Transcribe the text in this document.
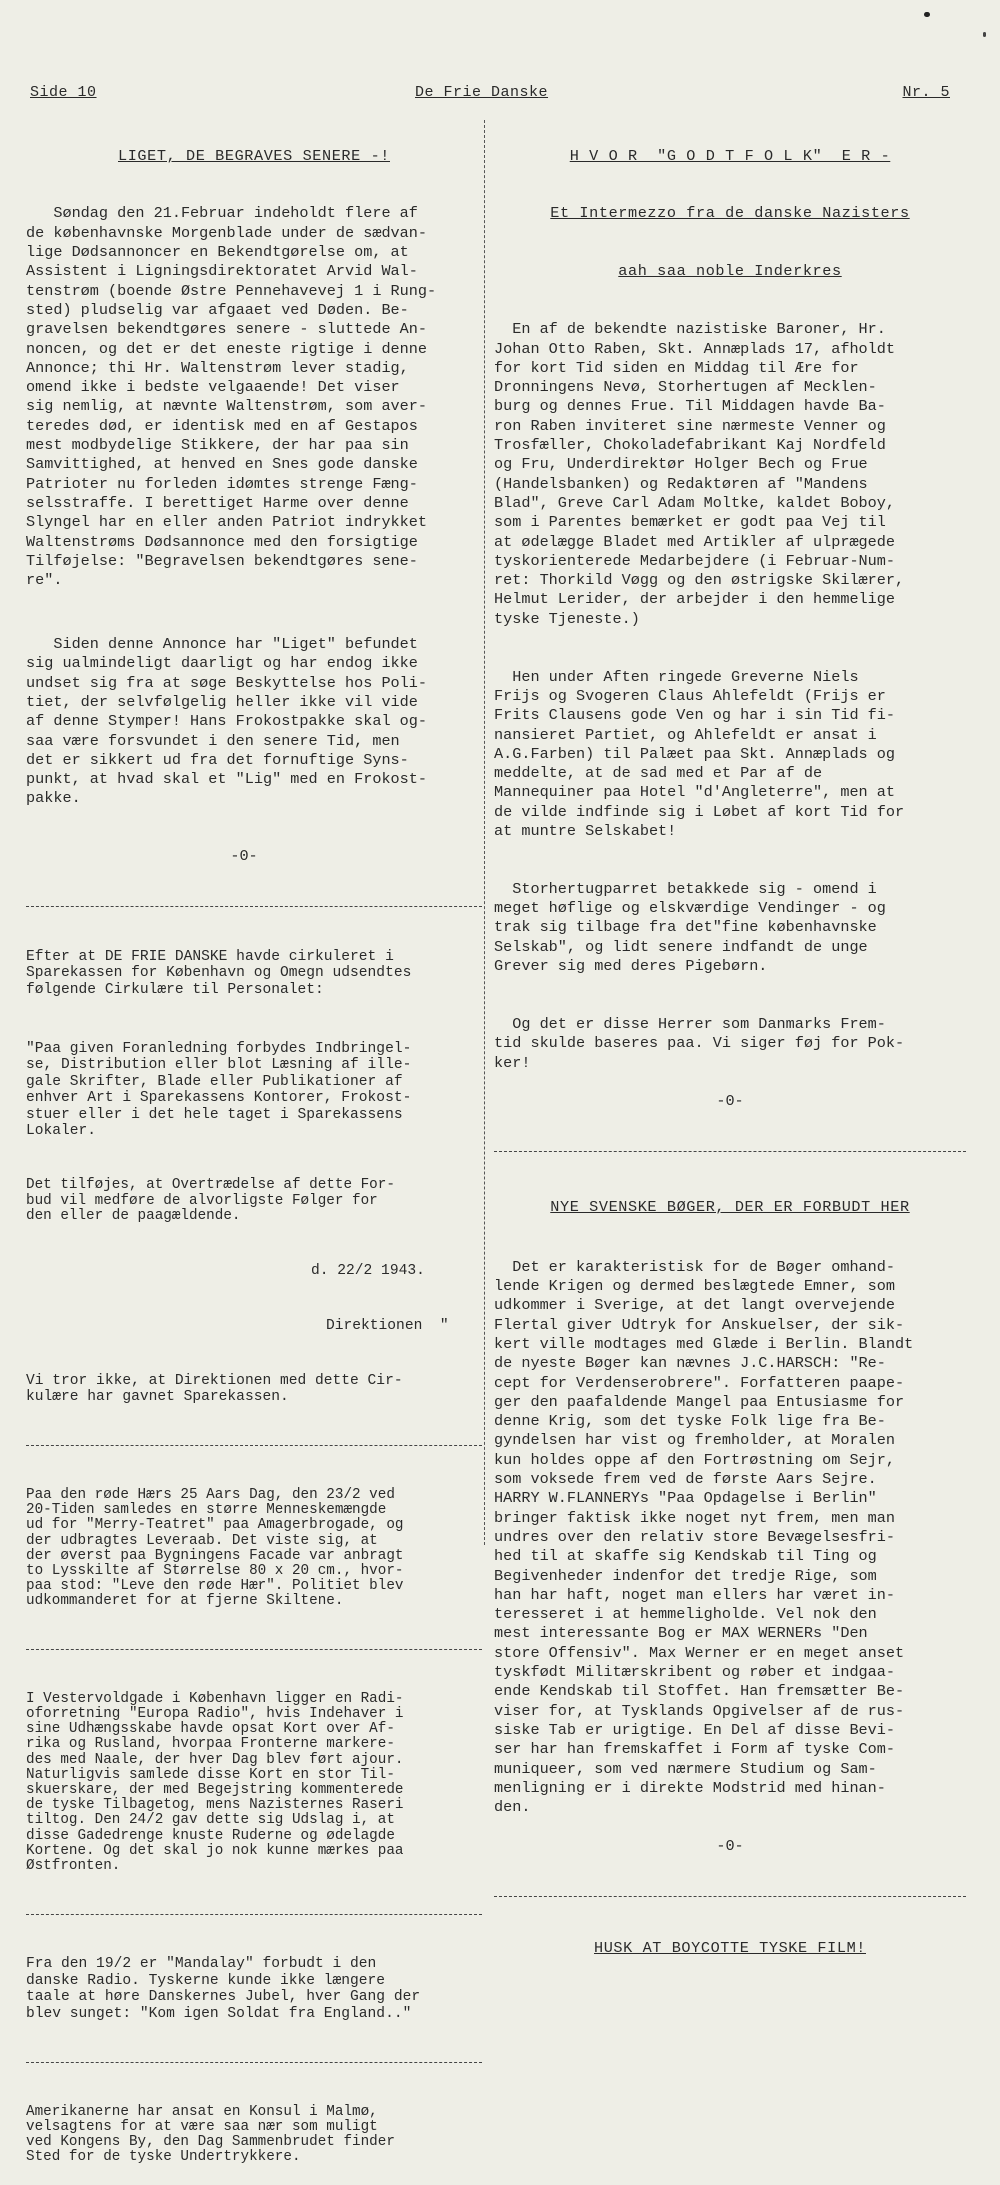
Side 10	De Frie Danske	Nr. 5

LIGET, DE BEGRAVES SENERE -!

Søndag den 21.Februar indeholdt flere af
de københavnske Morgenblade under de sædvan-
lige Dødsannoncer en Bekendtgørelse om, at
Assistent i Ligningsdirektoratet Arvid Wal-
tenstrøm (boende Østre Pennehavevej 1 i Rung-
sted) pludselig var afgaaet ved Døden. Be-
gravelsen bekendtgøres senere - sluttede An-
noncen, og det er det eneste rigtige i denne
Annonce; thi Hr. Waltenstrøm lever stadig,
omend ikke i bedste velgaaende! Det viser
sig nemlig, at nævnte Waltenstrøm, som aver-
teredes død, er identisk med en af Gestapos
mest modbydelige Stikkere, der har paa sin
Samvittighed, at henved en Snes gode danske
Patrioter nu forleden idømtes strenge Fæng-
selsstraffe. I berettiget Harme over denne
Slyngel har en eller anden Patriot indrykket
Waltenstrøms Dødsannonce med den forsigtige
Tilføjelse: "Begravelsen bekendtgøres sene-
re".

Siden denne Annonce har "Liget" befundet
sig ualmindeligt daarligt og har endog ikke
undset sig fra at søge Beskyttelse hos Poli-
tiet, der selvfølgelig heller ikke vil vide
af denne Stymper! Hans Frokostpakke skal og-
saa være forsvundet i den senere Tid, men
det er sikkert ud fra det fornuftige Syns-
punkt, at hvad skal et "Lig" med en Frokost-
pakke.

-0-

Efter at DE FRIE DANSKE havde cirkuleret i
Sparekassen for København og Omegn udsendtes
følgende Cirkulære til Personalet:

"Paa given Foranledning forbydes Indbringel-
se, Distribution eller blot Læsning af ille-
gale Skrifter, Blade eller Publikationer af
enhver Art i Sparekassens Kontorer, Frokost-
stuer eller i det hele taget i Sparekassens
Lokaler.

Det tilføjes, at Overtrædelse af dette For-
bud vil medføre de alvorligste Følger for
den eller de paagældende.

d. 22/2 1943.

Direktionen  "

Vi tror ikke, at Direktionen med dette Cir-
kulære har gavnet Sparekassen.

Paa den røde Hærs 25 Aars Dag, den 23/2 ved
20-Tiden samledes en større Menneskemængde
ud for "Merry-Teatret" paa Amagerbrogade, og
der udbragtes Leveraab. Det viste sig, at
der øverst paa Bygningens Facade var anbragt
to Lysskilte af Størrelse 80 x 20 cm., hvor-
paa stod: "Leve den røde Hær". Politiet blev
udkommanderet for at fjerne Skiltene.

I Vestervoldgade i København ligger en Radi-
oforretning "Europa Radio", hvis Indehaver i
sine Udhængsskabe havde opsat Kort over Af-
rika og Rusland, hvorpaa Fronterne markere-
des med Naale, der hver Dag blev ført ajour.
Naturligvis samlede disse Kort en stor Til-
skuerskare, der med Begejstring kommenterede
de tyske Tilbagetog, mens Nazisternes Raseri
tiltog. Den 24/2 gav dette sig Udslag i, at
disse Gadedrenge knuste Ruderne og ødelagde
Kortene. Og det skal jo nok kunne mærkes paa
Østfronten.

Fra den 19/2 er "Mandalay" forbudt i den
danske Radio. Tyskerne kunde ikke længere
taale at høre Danskernes Jubel, hver Gang der
blev sunget: "Kom igen Soldat fra England.."

Amerikanerne har ansat en Konsul i Malmø,
velsagtens for at være saa nær som muligt
ved Kongens By, den Dag Sammenbrudet finder
Sted for de tyske Undertrykkere.

H V O R  "G O D T F O L K"  E R -

Et Intermezzo fra de danske Nazisters

aah saa noble Inderkres

En af de bekendte nazistiske Baroner, Hr.
Johan Otto Raben, Skt. Annæplads 17, afholdt
for kort Tid siden en Middag til Ære for
Dronningens Nevø, Storhertugen af Mecklen-
burg og dennes Frue. Til Middagen havde Ba-
ron Raben inviteret sine nærmeste Venner og
Trosfæller, Chokoladefabrikant Kaj Nordfeld
og Fru, Underdirektør Holger Bech og Frue
(Handelsbanken) og Redaktøren af "Mandens
Blad", Greve Carl Adam Moltke, kaldet Boboy,
som i Parentes bemærket er godt paa Vej til
at ødelægge Bladet med Artikler af ulprægede
tyskorienterede Medarbejdere (i Februar-Num-
ret: Thorkild Vøgg og den østrigske Skilærer,
Helmut Lerider, der arbejder i den hemmelige
tyske Tjeneste.)

Hen under Aften ringede Greverne Niels
Frijs og Svogeren Claus Ahlefeldt (Frijs er
Frits Clausens gode Ven og har i sin Tid fi-
nansieret Partiet, og Ahlefeldt er ansat i
A.G.Farben) til Palæet paa Skt. Annæplads og
meddelte, at de sad med et Par af de
Mannequiner paa Hotel "d'Angleterre", men at
de vilde indfinde sig i Løbet af kort Tid for
at muntre Selskabet!

Storhertugparret betakkede sig - omend i
meget høflige og elskværdige Vendinger - og
trak sig tilbage fra det"fine københavnske
Selskab", og lidt senere indfandt de unge
Grever sig med deres Pigebørn.

Og det er disse Herrer som Danmarks Frem-
tid skulde baseres paa. Vi siger føj for Pok-
ker!

-0-

NYE SVENSKE BØGER, DER ER FORBUDT HER

Det er karakteristisk for de Bøger omhand-
lende Krigen og dermed beslægtede Emner, som
udkommer i Sverige, at det langt overvejende
Flertal giver Udtryk for Anskuelser, der sik-
kert ville modtages med Glæde i Berlin. Blandt
de nyeste Bøger kan nævnes J.C.HARSCH: "Re-
cept for Verdenserobrere". Forfatteren paape-
ger den paafaldende Mangel paa Entusiasme for
denne Krig, som det tyske Folk lige fra Be-
gyndelsen har vist og fremholder, at Moralen
kun holdes oppe af den Fortrøstning om Sejr,
som voksede frem ved de første Aars Sejre.
HARRY W.FLANNERYs "Paa Opdagelse i Berlin"
bringer faktisk ikke noget nyt frem, men man
undres over den relativ store Bevægelsesfri-
hed til at skaffe sig Kendskab til Ting og
Begivenheder indenfor det tredje Rige, som
han har haft, noget man ellers har været in-
teresseret i at hemmeligholde. Vel nok den
mest interessante Bog er MAX WERNERs "Den
store Offensiv". Max Werner er en meget anset
tyskfødt Militærskribent og røber et indgaa-
ende Kendskab til Stoffet. Han fremsætter Be-
viser for, at Tysklands Opgivelser af de rus-
siske Tab er urigtige. En Del af disse Bevi-
ser har han fremskaffet i Form af tyske Com-
muniqueer, som ved nærmere Studium og Sam-
menligning er i direkte Modstrid med hinan-
den.

-0-

HUSK AT BOYCOTTE TYSKE FILM!
